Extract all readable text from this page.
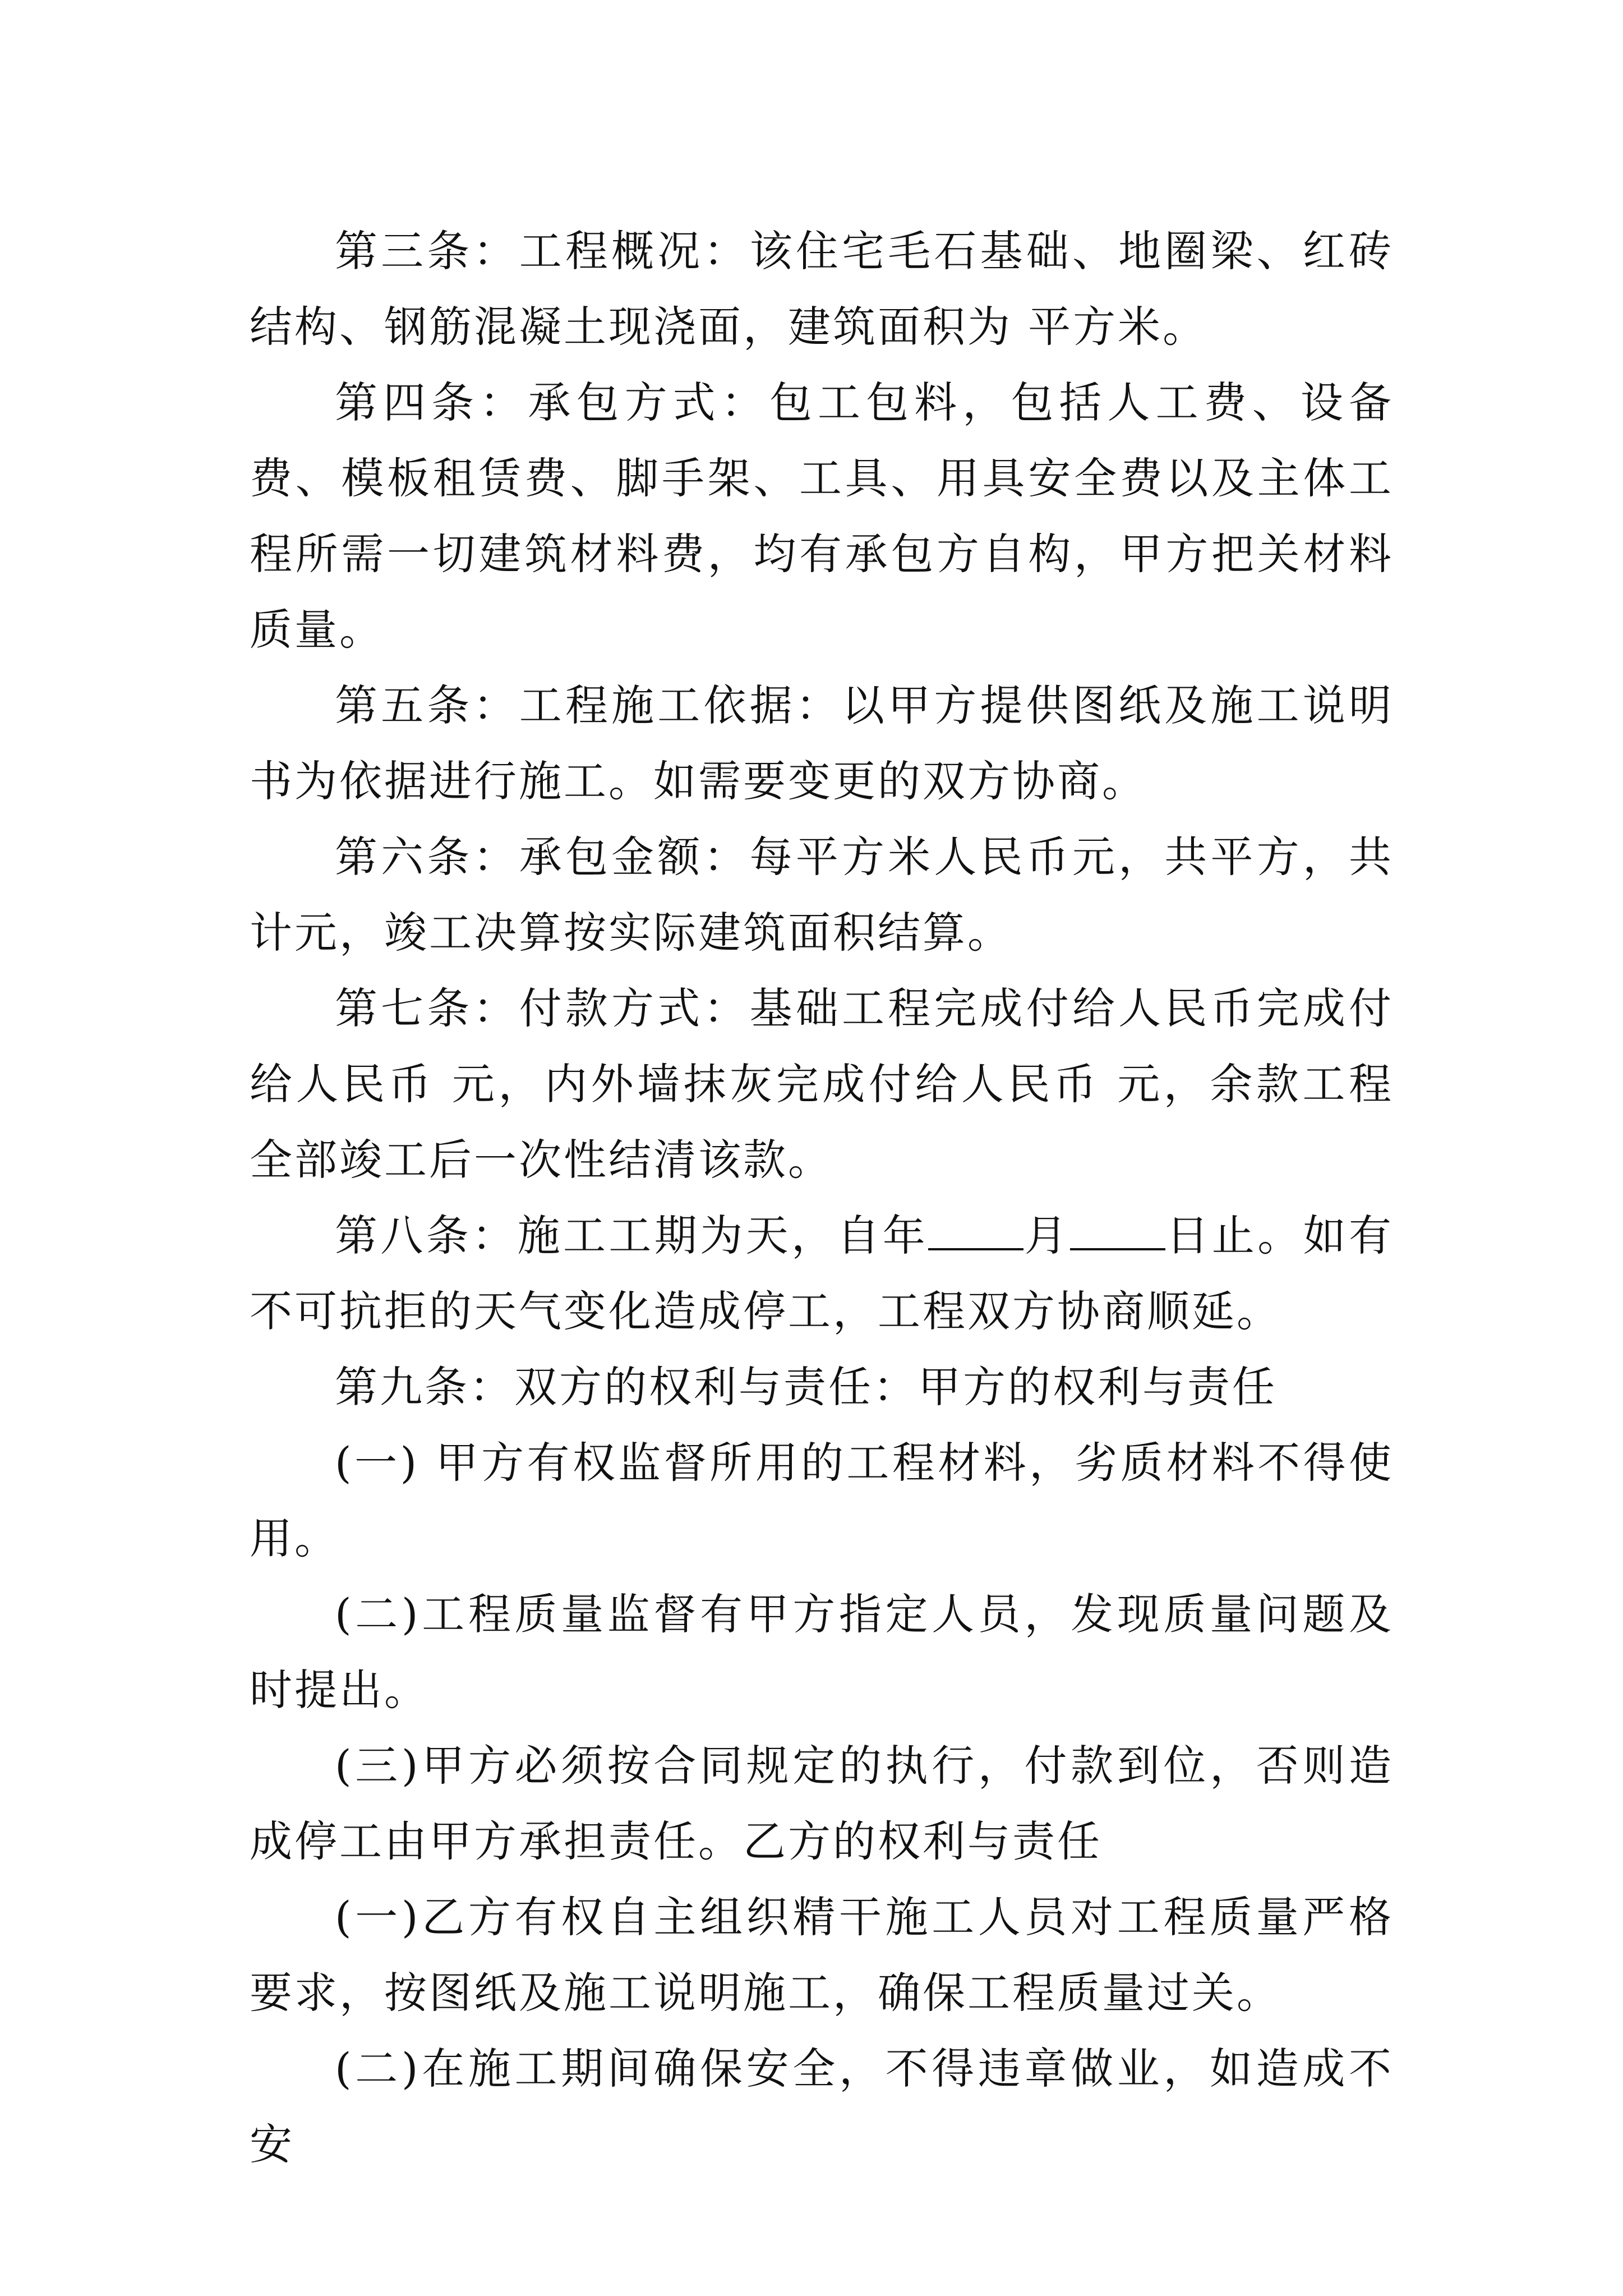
第三条：工程概况：该住宅毛石基础、地圈梁、红砖结构、钢筋混凝土现浇面，建筑面积为 平方米。

第四条：承包方式：包工包料，包括人工费、设备费、模板租赁费、脚手架、工具、用具安全费以及主体工程所需一切建筑材料费，均有承包方自构，甲方把关材料质量。

第五条：工程施工依据：以甲方提供图纸及施工说明书为依据进行施工。如需要变更的双方协商。

第六条：承包金额：每平方米人民币元，共平方，共计元，竣工决算按实际建筑面积结算。

第七条：付款方式：基础工程完成付给人民币完成付给人民币 元，内外墙抹灰完成付给人民币 元，余款工程全部竣工后一次性结清该款。

第八条：施工工期为天，自年 月 日止。如有不可抗拒的天气变化造成停工，工程双方协商顺延。

第九条：双方的权利与责任：甲方的权利与责任

(一) 甲方有权监督所用的工程材料，劣质材料不得使用。

(二)工程质量监督有甲方指定人员，发现质量问题及时提出。

(三)甲方必须按合同规定的执行，付款到位，否则造成停工由甲方承担责任。乙方的权利与责任

(一)乙方有权自主组织精干施工人员对工程质量严格要求，按图纸及施工说明施工，确保工程质量过关。

(二)在施工期间确保安全，不得违章做业，如造成不安
